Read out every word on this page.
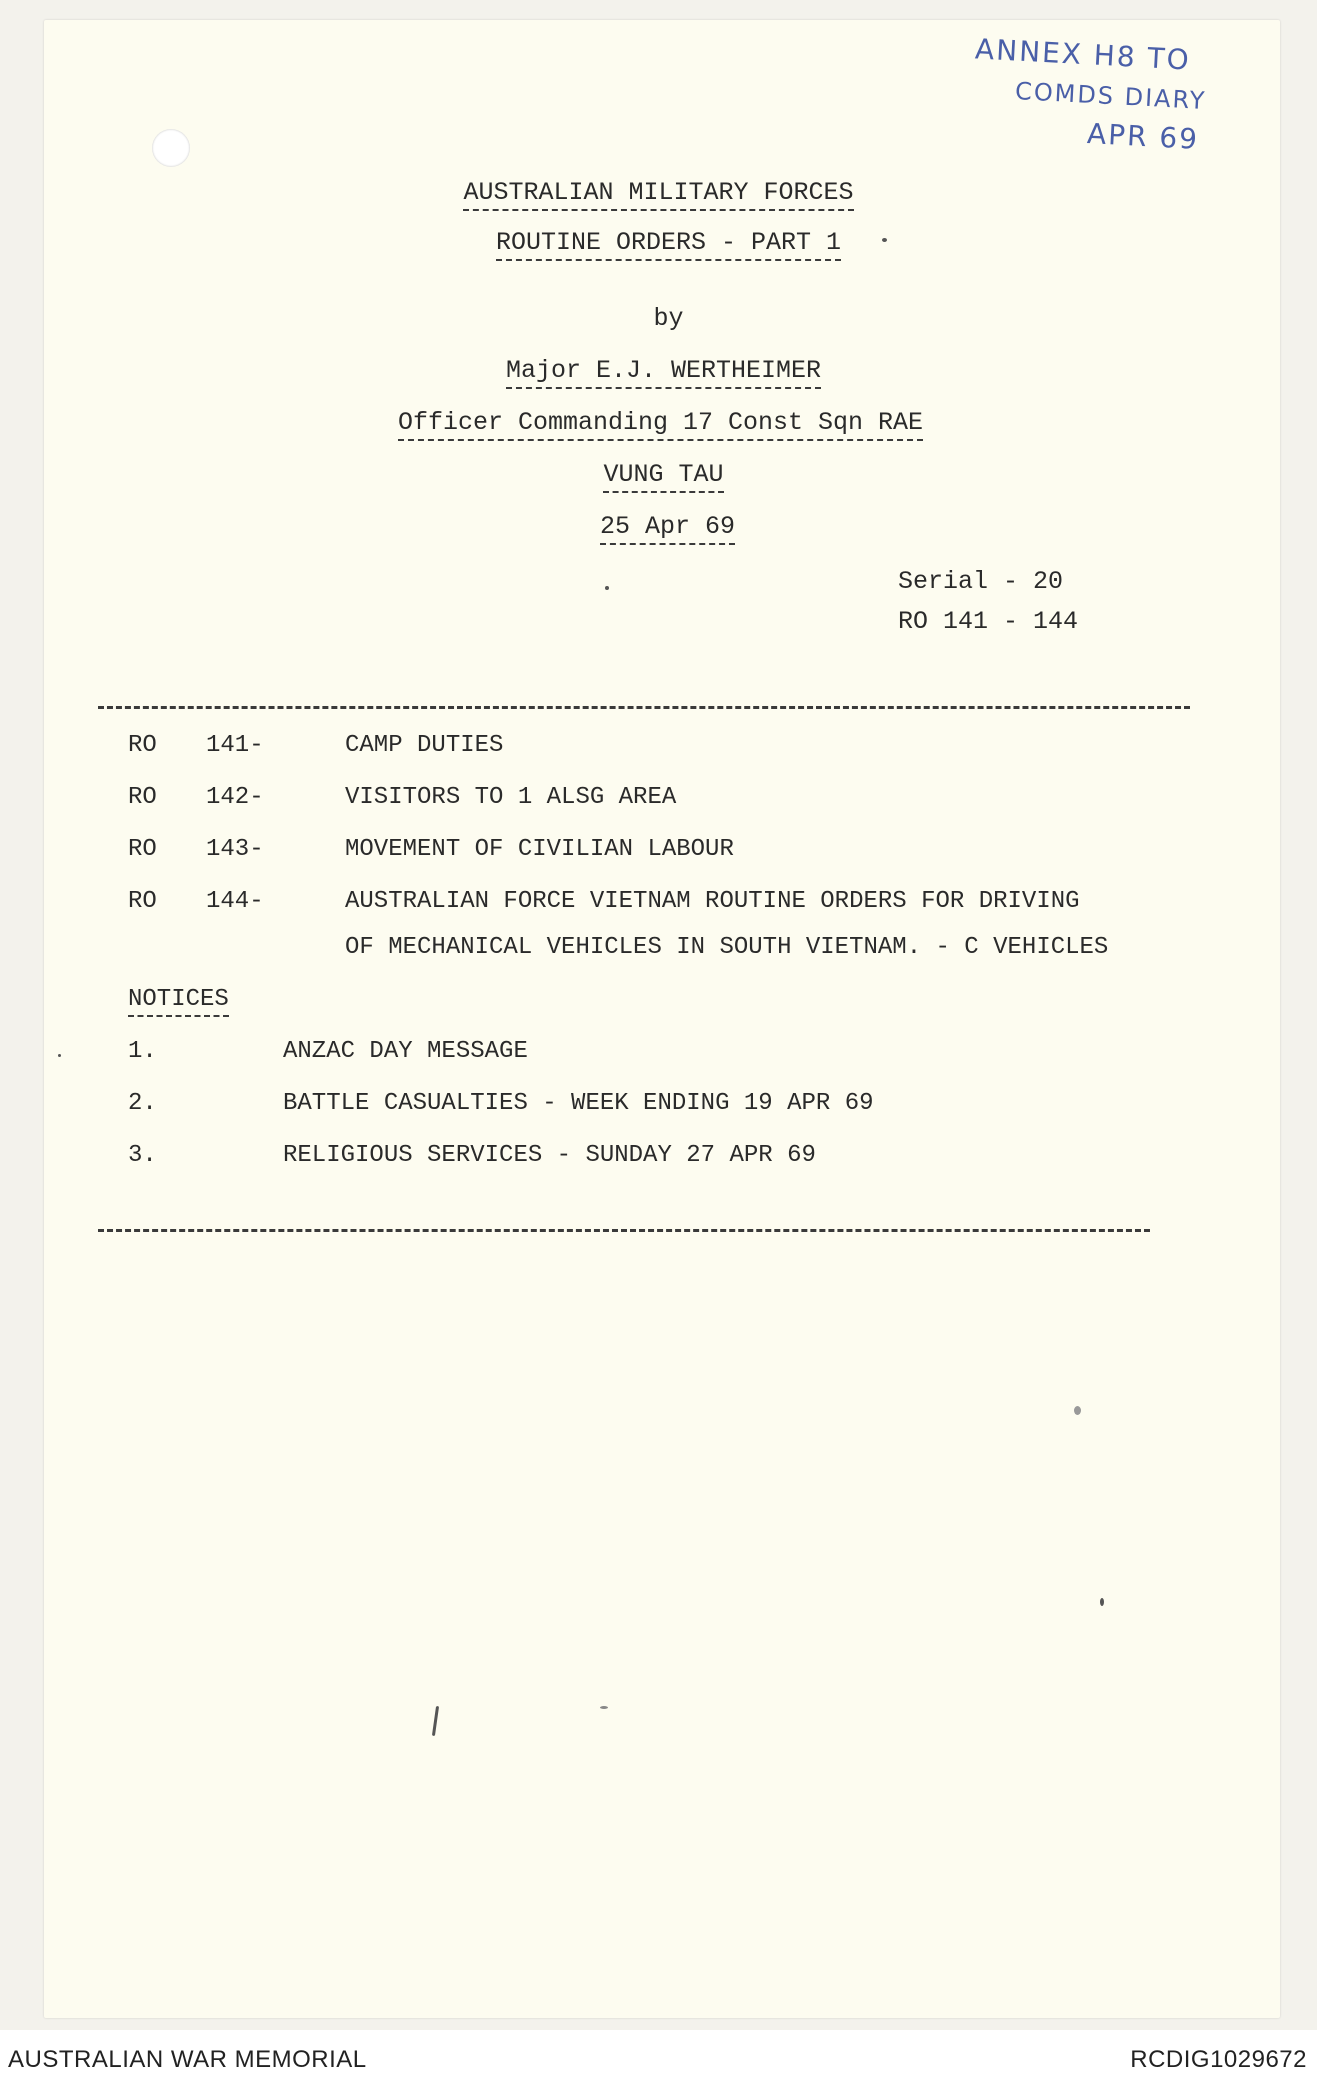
ANNEX H8 TO
COMDS DIARY
APR 69
AUSTRALIAN MILITARY FORCES
ROUTINE ORDERS - PART 1
by
Major E.J. WERTHEIMER
Officer Commanding 17 Const Sqn RAE
VUNG TAU
25 Apr 69
Serial - 20
RO 141 - 144
RO 141-	CAMP DUTIES
RO 142-	VISITORS TO 1 ALSG AREA
RO 143-	MOVEMENT OF CIVILIAN LABOUR
RO 144-	AUSTRALIAN FORCE VIETNAM ROUTINE ORDERS FOR DRIVING
OF MECHANICAL VEHICLES IN SOUTH VIETNAM. - C VEHICLES
NOTICES
1.	ANZAC DAY MESSAGE
2.	BATTLE CASUALTIES - WEEK ENDING 19 APR 69
3.	RELIGIOUS SERVICES - SUNDAY 27 APR 69
AUSTRALIAN WAR MEMORIAL	RCDIG1029672
